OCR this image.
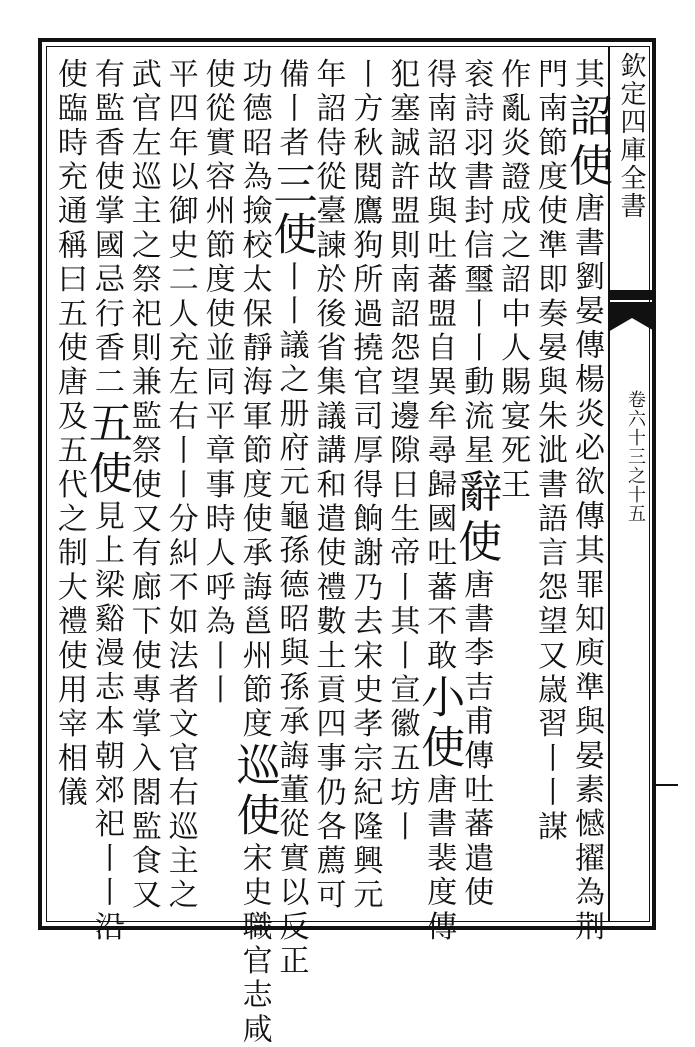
欽定四庫全書
卷六十三之十五
其詔使唐書劉晏傳楊炎必欲傳其罪知庾準與晏素憾擢為荆
門南節度使準即奏晏與朱泚書語言怨望又𡻕習丨丨謀
作亂炎證成之詔中人賜宴死王
衮詩羽書封信璽丨丨動流星辭使唐書李吉甫傳吐蕃遣使
得南詔故與吐蕃盟自異牟尋歸國吐蕃不敢小使唐書裴度傳
犯塞誠許盟則南詔怨望邊隙日生帝丨其丨宣徽五坊丨
丨方秋閱鷹狗所過撓官司厚得餉謝乃去宋史孝宗紀隆興元
年詔侍從臺諫於後省集議講和遣使禮數土貢四事仍各薦可
備丨者三使丨丨議之册府元龜孫德昭與孫承誨董從實以反正
功德昭為撿校太保靜海軍節度使承誨邕州節度巡使宋史職官志咸
使從實容州節度使並同平章事時人呼為丨丨
平四年以御史二人充左右丨丨分糾不如法者文官右巡主之
武官左巡主之祭祀則兼監祭使又有廊下使專掌入閤監食又
有監香使掌國忌行香二五使見上梁谿漫志本朝郊祀丨丨沿
使臨時充通稱曰五使唐及五代之制大禮使用宰相儀
